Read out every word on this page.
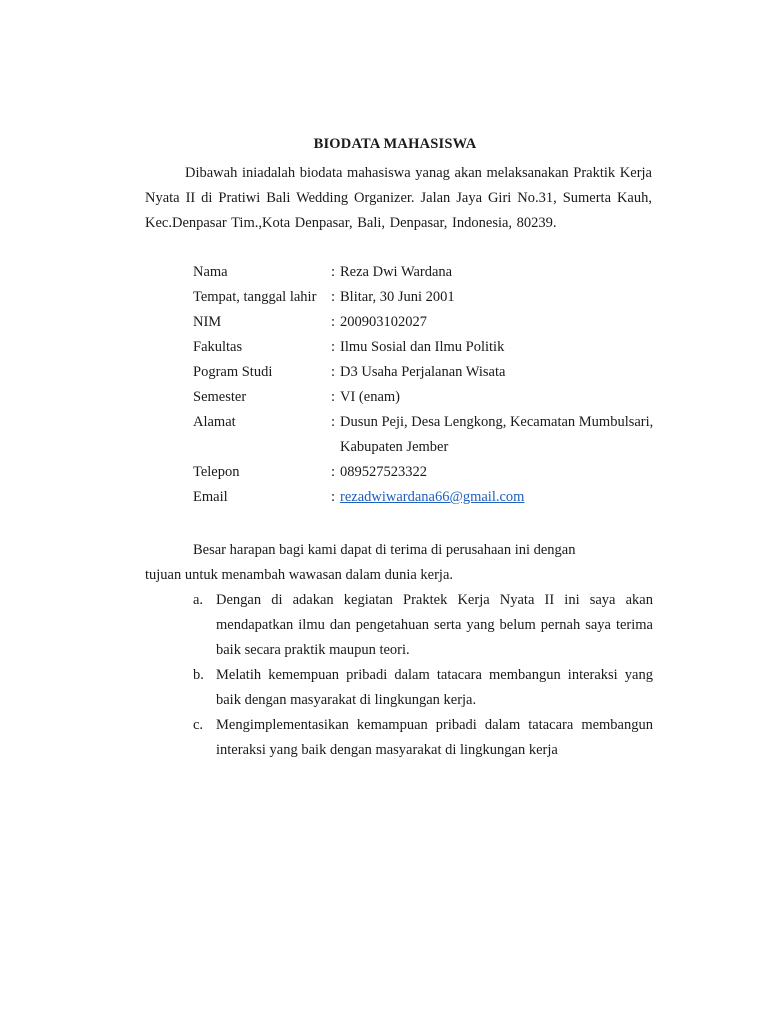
BIODATA MAHASISWA
Dibawah iniadalah biodata mahasiswa yanag akan melaksanakan Praktik Kerja Nyata II di Pratiwi Bali Wedding Organizer. Jalan Jaya Giri No.31, Sumerta Kauh, Kec.Denpasar Tim.,Kota Denpasar, Bali, Denpasar, Indonesia, 80239.
Nama	: Reza Dwi Wardana
Tempat, tanggal lahir	: Blitar, 30 Juni 2001
NIM	: 200903102027
Fakultas	: Ilmu Sosial dan Ilmu Politik
Pogram Studi	: D3 Usaha Perjalanan Wisata
Semester	: VI (enam)
Alamat	: Dusun Peji, Desa Lengkong, Kecamatan Mumbulsari, Kabupaten Jember
Telepon	: 089527523322
Email	: rezadwiwardana66@gmail.com
Besar harapan bagi kami dapat di terima di perusahaan ini dengan
tujuan untuk menambah wawasan dalam dunia kerja.
a. Dengan di adakan kegiatan Praktek Kerja Nyata II ini saya akan mendapatkan ilmu dan pengetahuan serta yang belum pernah saya terima baik secara praktik maupun teori.
b. Melatih kemempuan pribadi dalam tatacara membangun interaksi yang baik dengan masyarakat di lingkungan kerja.
c. Mengimplementasikan kemampuan pribadi dalam tatacara membangun interaksi yang baik dengan masyarakat di lingkungan kerja
